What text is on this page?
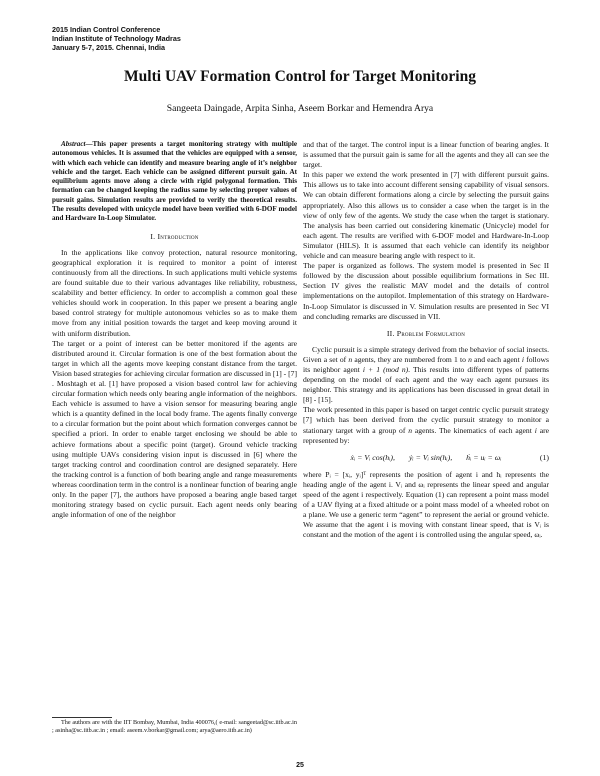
2015 Indian Control Conference
Indian Institute of Technology Madras
January 5-7, 2015. Chennai, India
Multi UAV Formation Control for Target Monitoring
Sangeeta Daingade, Arpita Sinha, Aseem Borkar and Hemendra Arya

Abstract—This paper presents a target monitoring strategy with multiple autonomous vehicles. It is assumed that the vehicles are equipped with a sensor, with which each vehicle can identify and measure bearing angle of it’s neighbor vehicle and the target. Each vehicle can be assigned different pursuit gain. At equilibrium agents move along a circle with rigid polygonal formation. This formation can be changed keeping the radius same by selecting proper values of pursuit gains. Simulation results are provided to verify the theoretical results. The results developed with unicycle model have been verified with 6-DOF model and Hardware In-Loop Simulator.

I. Introduction

In the applications like convoy protection, natural resource monitoring, geographical exploration it is required to monitor a point of interest continuously from all the directions. In such applications multi vehicle systems are found suitable due to their various advantages like reliability, robustness, scalability and better efficiency. In order to accomplish a common goal these vehicles should work in cooperation. In this paper we present a bearing angle based control strategy for multiple autonomous vehicles so as to make them move from any initial position towards the target and keep moving around it with uniform distribution.

The target or a point of interest can be better monitored if the agents are distributed around it. Circular formation is one of the best formation about the target in which all the agents move keeping constant distance from the target. Vision based strategies for achieving circular formation are discussed in [1] - [7] . Moshtagh et al. [1] have proposed a vision based control law for achieving circular formation which needs only bearing angle information of the neighbors. Each vehicle is assumed to have a vision sensor for measuring bearing angle which is a quantity defined in the local body frame. The agents finally converge to a circular formation but the point about which formation converges cannot be specified a priori. In order to enable target enclosing we should be able to achieve formations about a specific point (target). Ground vehicle tracking using multiple UAVs considering vision input is discussed in [6] where the target tracking control and coordination control are designed separately. Here the tracking control is a function of both bearing angle and range measurements whereas coordination term in the control is a nonlinear function of bearing angle only. In the paper [7], the authors have proposed a bearing angle based target monitoring strategy based on cyclic pursuit. Each agent needs only bearing angle information of one of the neighbor

and that of the target. The control input is a linear function of bearing angles. It is assumed that the pursuit gain is same for all the agents and they all can see the target.

In this paper we extend the work presented in [7] with different pursuit gains. This allows us to take into account different sensing capability of visual sensors. We can obtain different formations along a circle by selecting the pursuit gains appropriately. Also this allows us to consider a case when the target is in the view of only few of the agents. We study the case when the target is stationary. The analysis has been carried out considering kinematic (Unicycle) model for each agent. The results are verified with 6-DOF model and Hardware-In-Loop Simulator (HILS). It is assumed that each vehicle can identify its neighbor vehicle and can measure bearing angle with respect to it.

The paper is organized as follows. The system model is presented in Sec II followed by the discussion about possible equilibrium formations in Sec III. Section IV gives the realistic MAV model and the details of control implementations on the autopilot. Implementation of this strategy on Hardware-In-Loop Simulator is discussed in V. Simulation results are presented in Sec VI and concluding remarks are discussed in VII.

II. Problem Formulation

Cyclic pursuit is a simple strategy derived from the behavior of social insects. Given a set of n agents, they are numbered from 1 to n and each agent i follows its neighbor agent i + 1 (mod n). This results into different types of patterns depending on the model of each agent and the way each agent pursues its neighbor. This strategy and its applications has been discussed in great detail in [8] - [15].

The work presented in this paper is based on target centric cyclic pursuit strategy [7] which has been derived from the cyclic pursuit strategy to monitor a stationary target with a group of n agents. The kinematics of each agent i are represented by:

ẋᵢ = Vᵢ cos(hᵢ), ẏᵢ = Vᵢ sin(hᵢ), ḣᵢ = uᵢ = ωᵢ	(1)

where Pᵢ = [xᵢ, yᵢ]ᵀ represents the position of agent i and hᵢ represents the heading angle of the agent i. Vᵢ and ωᵢ represents the linear speed and angular speed of the agent i respectively. Equation (1) can represent a point mass model of a UAV flying at a fixed altitude or a point mass model of a wheeled robot on a plane. We use a generic term “agent” to represent the aerial or ground vehicle. We assume that the agent i is moving with constant linear speed, that is Vᵢ is constant and the motion of the agent i is controlled using the angular speed, ωᵢ.

The authors are with the IIT Bombay, Mumbai, India 400076,( e-mail: sangeetad@sc.iitb.ac.in ; asinha@sc.iitb.ac.in ; email: aseem.v.borkar@gmail.com; arya@aero.iitb.ac.in)

25
